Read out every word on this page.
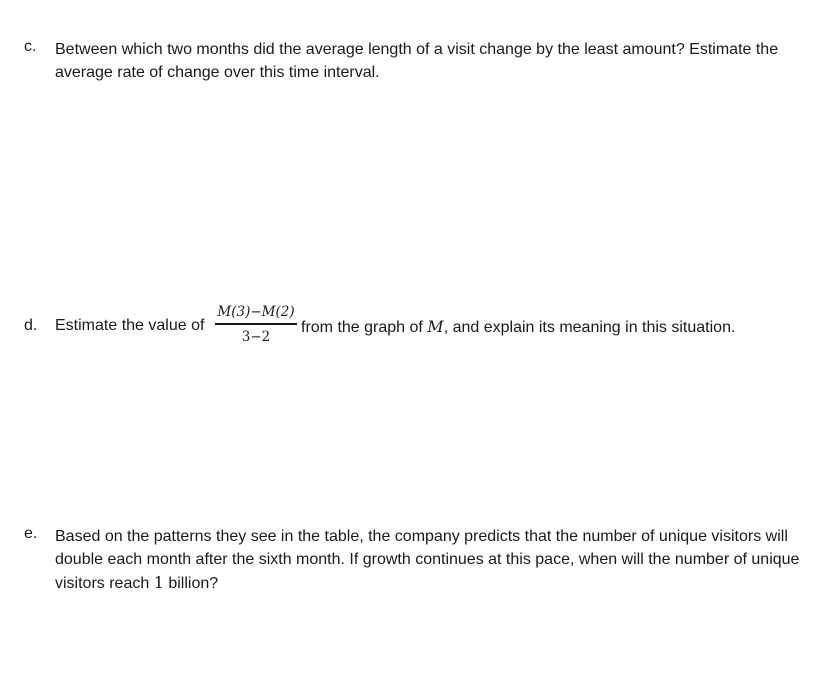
c. Between which two months did the average length of a visit change by the least amount? Estimate the average rate of change over this time interval.
d. Estimate the value of
M(3)−M(2)
3−2
from the graph of M, and explain its meaning in this situation.
e. Based on the patterns they see in the table, the company predicts that the number of unique visitors will double each month after the sixth month. If growth continues at this pace, when will the number of unique visitors reach 1 billion?
